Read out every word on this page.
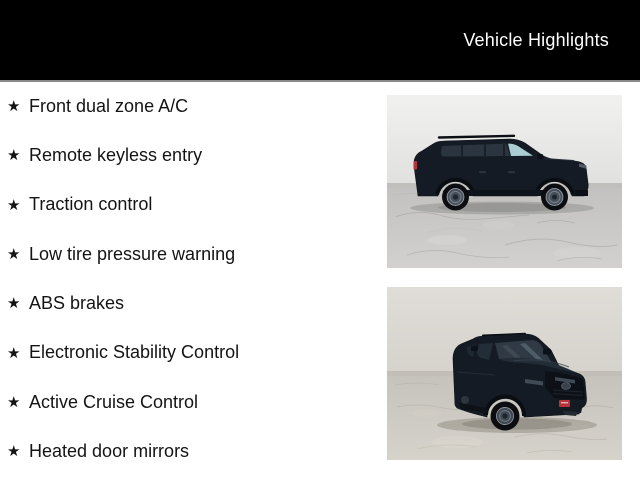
Vehicle Highlights
★ Front dual zone A/C
★ Remote keyless entry
★ Traction control
★ Low tire pressure warning
★ ABS brakes
★ Electronic Stability Control
★ Active Cruise Control
★ Heated door mirrors
